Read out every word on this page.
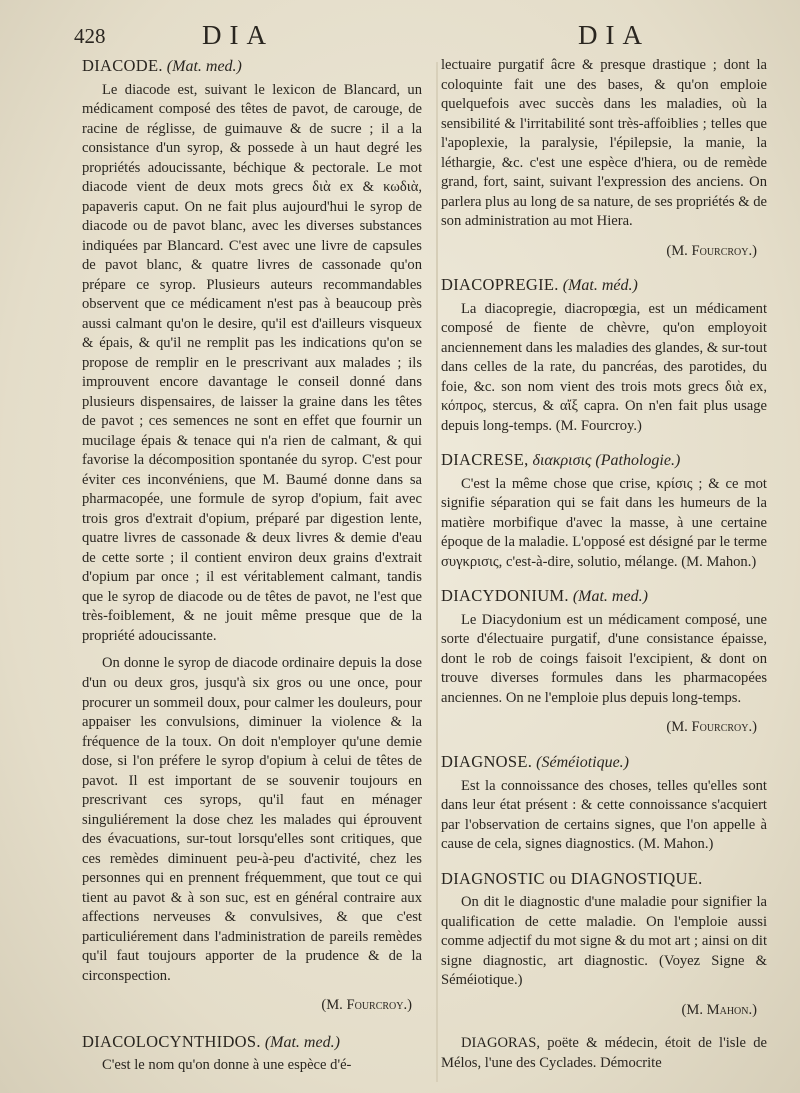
428	DIA	DIA

DIACODE. (Mat. med.)

Le diacode est, suivant le lexicon de Blancard, un médicament composé des têtes de pavot, de carouge, de racine de réglisse, de guimauve & de sucre ; il a la consistance d'un syrop, & possede à un haut degré les propriétés adoucissante, béchique & pectorale. Le mot diacode vient de deux mots grecs διὰ ex & κωδιὰ, papaveris caput. On ne fait plus aujourd'hui le syrop de diacode ou de pavot blanc, avec les diverses substances indiquées par Blancard. C'est avec une livre de capsules de pavot blanc, & quatre livres de cassonade qu'on prépare ce syrop. Plusieurs auteurs recommandables observent que ce médicament n'est pas à beaucoup près aussi calmant qu'on le desire, qu'il est d'ailleurs visqueux & épais, & qu'il ne remplit pas les indications qu'on se propose de remplir en le prescrivant aux malades ; ils improuvent encore davantage le conseil donné dans plusieurs dispensaires, de laisser la graine dans les têtes de pavot ; ces semences ne sont en effet que fournir un mucilage épais & tenace qui n'a rien de calmant, & qui favorise la décomposition spontanée du syrop. C'est pour éviter ces inconvéniens, que M. Baumé donne dans sa pharmacopée, une formule de syrop d'opium, fait avec trois gros d'extrait d'opium, préparé par digestion lente, quatre livres de cassonade & deux livres & demie d'eau de cette sorte ; il contient environ deux grains d'extrait d'opium par once ; il est véritablement calmant, tandis que le syrop de diacode ou de têtes de pavot, ne l'est que très-foiblement, & ne jouit même presque que de la propriété adoucissante.

On donne le syrop de diacode ordinaire depuis la dose d'un ou deux gros, jusqu'à six gros ou une once, pour procurer un sommeil doux, pour calmer les douleurs, pour appaiser les convulsions, diminuer la violence & la fréquence de la toux. On doit n'employer qu'une demie dose, si l'on préfere le syrop d'opium à celui de têtes de pavot. Il est important de se souvenir toujours en prescrivant ces syrops, qu'il faut en ménager singuliérement la dose chez les malades qui éprouvent des évacuations, sur-tout lorsqu'elles sont critiques, que ces remèdes diminuent peu-à-peu d'activité, chez les personnes qui en prennent fréquemment, que tout ce qui tient au pavot & à son suc, est en général contraire aux affections nerveuses & convulsives, & que c'est particuliérement dans l'administration de pareils remèdes qu'il faut toujours apporter de la prudence & de la circonspection.

(M. Fourcroy.)

DIACOLOCYNTHIDOS. (Mat. med.)

C'est le nom qu'on donne à une espèce d'é-

lectuaire purgatif âcre & presque drastique ; dont la coloquinte fait une des bases, & qu'on emploie quelquefois avec succès dans les maladies, où la sensibilité & l'irritabilité sont très-affoiblies ; telles que l'apoplexie, la paralysie, l'épilepsie, la manie, la léthargie, &c. c'est une espèce d'hiera, ou de remède grand, fort, saint, suivant l'expression des anciens. On parlera plus au long de sa nature, de ses propriétés & de son administration au mot Hiera.

(M. Fourcroy.)

DIACOPREGIE. (Mat. méd.)

La diacopregie, diacropœgia, est un médicament composé de fiente de chèvre, qu'on employoit anciennement dans les maladies des glandes, & sur-tout dans celles de la rate, du pancréas, des parotides, du foie, &c. son nom vient des trois mots grecs διὰ ex, κόπρος, stercus, & αἴξ capra. On n'en fait plus usage depuis long-temps. (M. Fourcroy.)

DIACRESE, διακρισις (Pathologie.)

C'est la même chose que crise, κρίσις ; & ce mot signifie séparation qui se fait dans les humeurs de la matière morbifique d'avec la masse, à une certaine époque de la maladie. L'opposé est désigné par le terme συγκρισις, c'est-à-dire, solutio, mélange. (M. Mahon.)

DIACYDONIUM. (Mat. med.)

Le Diacydonium est un médicament composé, une sorte d'électuaire purgatif, d'une consistance épaisse, dont le rob de coings faisoit l'excipient, & dont on trouve diverses formules dans les pharmacopées anciennes. On ne l'emploie plus depuis long-temps.

(M. Fourcroy.)

DIAGNOSE. (Séméiotique.)

Est la connoissance des choses, telles qu'elles sont dans leur état présent : & cette connoissance s'acquiert par l'observation de certains signes, que l'on appelle à cause de cela, signes diagnostics. (M. Mahon.)

DIAGNOSTIC ou DIAGNOSTIQUE.

On dit le diagnostic d'une maladie pour signifier la qualification de cette maladie. On l'emploie aussi comme adjectif du mot signe & du mot art ; ainsi on dit signe diagnostic, art diagnostic. (Voyez Signe & Séméiotique.)

(M. Mahon.)

DIAGORAS, poëte & médecin, étoit de l'isle de Mélos, l'une des Cyclades. Démocrite
